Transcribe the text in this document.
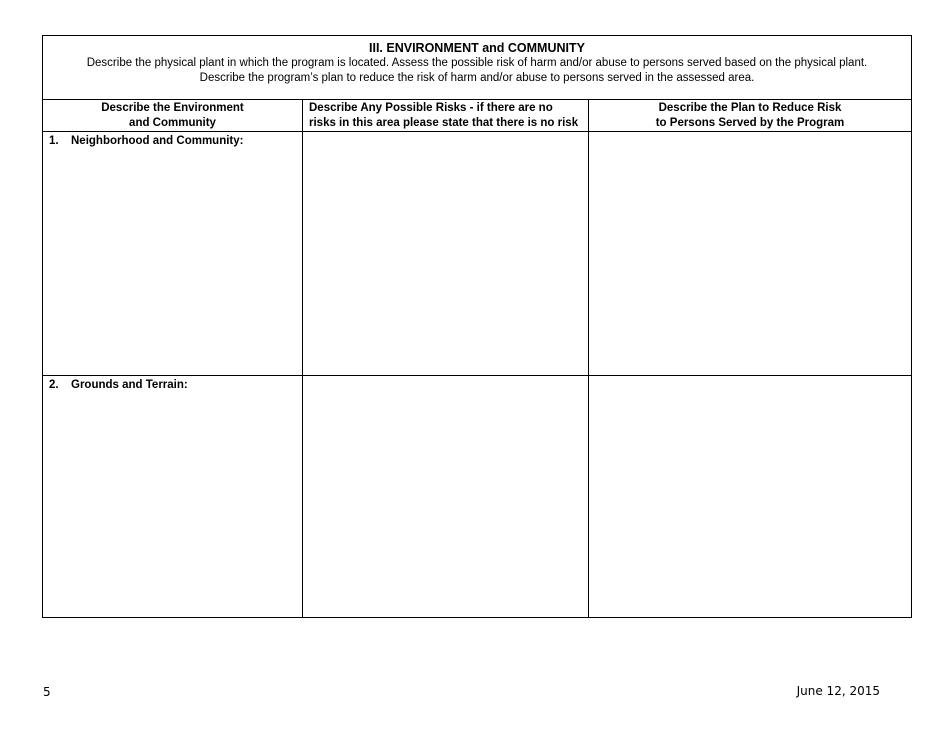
III. ENVIRONMENT and COMMUNITY
Describe the physical plant in which the program is located. Assess the possible risk of harm and/or abuse to persons served based on the physical plant.
Describe the program’s plan to reduce the risk of harm and/or abuse to persons served in the assessed area.
Describe the Environment
and Community
Describe Any Possible Risks - if there are no
risks in this area please state that there is no risk
Describe the Plan to Reduce Risk
to Persons Served by the Program
1. Neighborhood and Community:
2. Grounds and Terrain:
5	June 12, 2015
